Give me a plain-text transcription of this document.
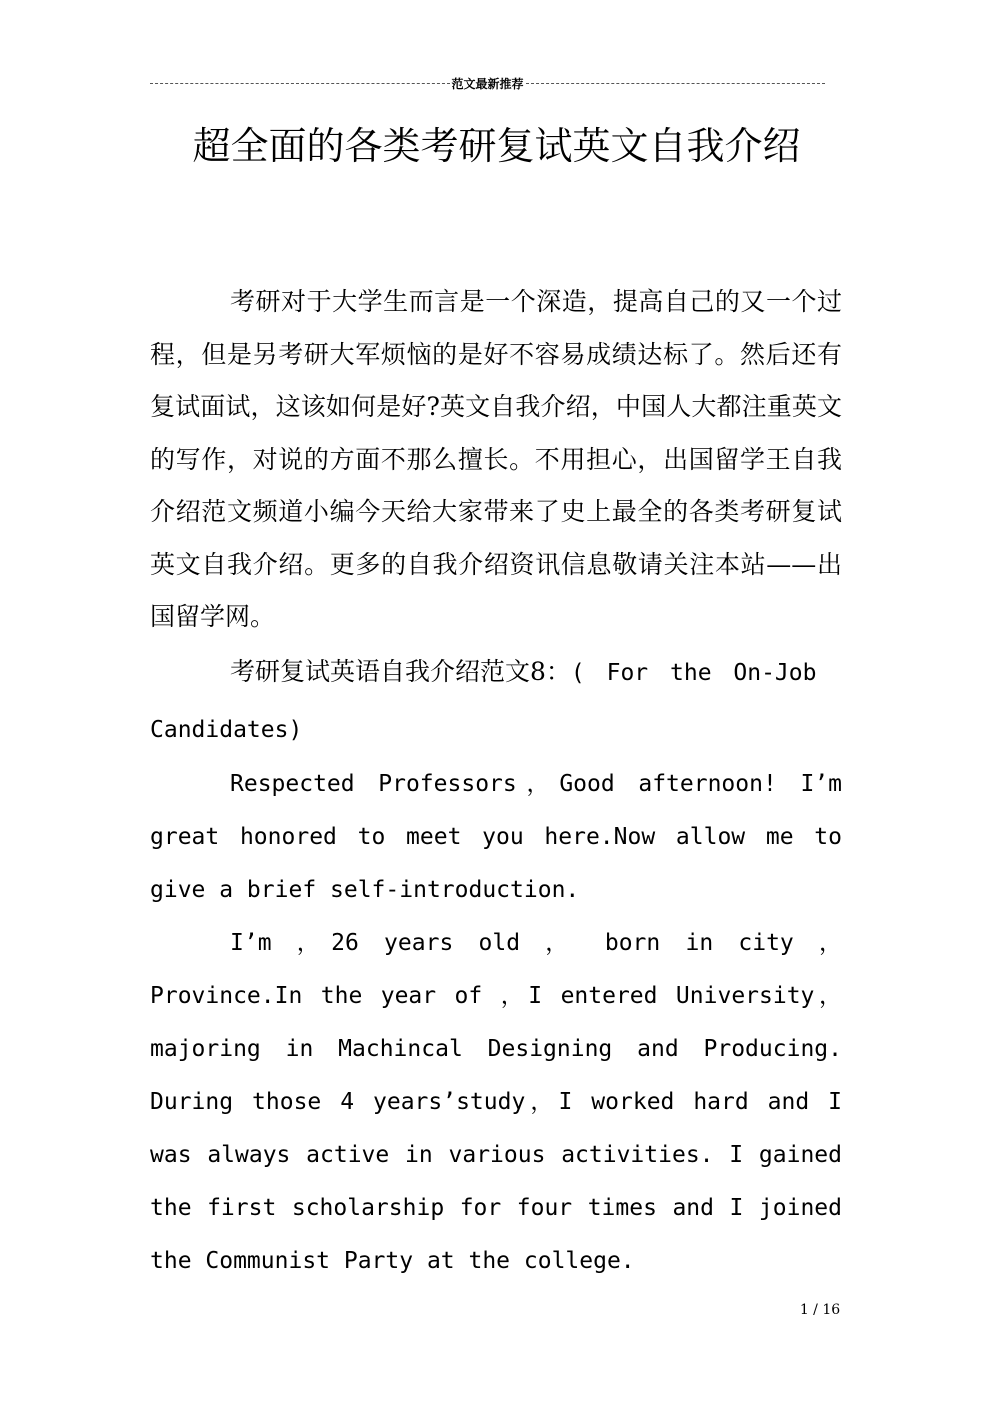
范文最新推荐
超全面的各类考研复试英文自我介绍

考研对于大学生而言是一个深造，提高自己的又一个过程，但是另考研大军烦恼的是好不容易成绩达标了。然后还有复试面试，这该如何是好?英文自我介绍，中国人大都注重英文的写作，对说的方面不那么擅长。不用担心，出国留学王自我介绍范文频道小编今天给大家带来了史上最全的各类考研复试英文自我介绍。更多的自我介绍资讯信息敬请关注本站——出国留学网。

考研复试英语自我介绍范文8：( For the On-Job Candidates)

Respected Professors，Good afternoon! I’m great honored to meet you here.Now allow me to give a brief self-introduction.

I’m ，26 years old ， born in city ，Province.In the year of ，I entered University，majoring in Machincal Designing and Producing. During those 4 years’study，I worked hard and I was always active in various activities. I gained the first scholarship for four times and I joined the Communist Party at the college.

1 / 16
